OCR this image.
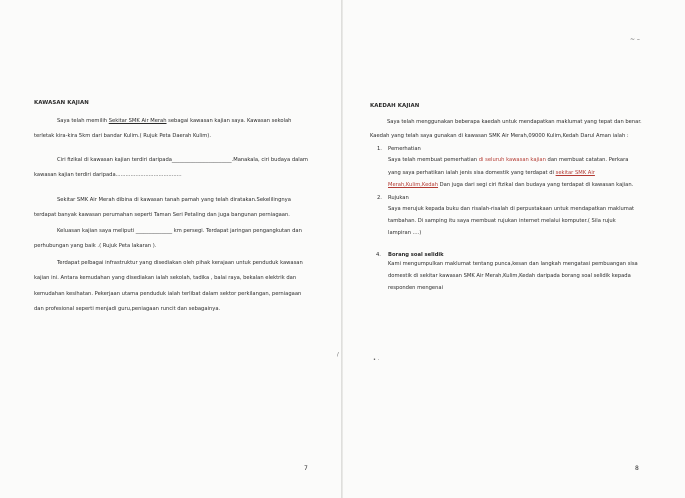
KAWASAN KAJIAN
Saya telah memilih Sekitar SMK Air Merah sebagai kawasan kajian saya. Kawasan sekolah
terletak kira-kira 5km dari bandar Kulim.( Rujuk Peta Daerah Kulim).
Ciri fizikal di kawasan kajian terdiri daripada_______________________.Manakala, ciri budaya dalam
kawasan kajian terdiri daripada........................................
Sekitar SMK Air Merah dibina di kawasan tanah pamah yang telah diratakan.Sekelilingnya
terdapat banyak kawasan perumahan seperti Taman Seri Petaling dan juga bangunan perniagaan.
Keluasan kajian saya meliputi ______________ km persegi. Terdapat jaringan pengangkutan dan
perhubungan yang baik .( Rujuk Peta lakaran ).
Terdapat pelbagai infrastruktur yang disediakan oleh pihak kerajaan untuk penduduk kawasan
kajian ini. Antara kemudahan yang disediakan ialah sekolah, tadika , balai raya, bekalan elektrik dan
kemudahan kesihatan. Pekerjaan utama penduduk ialah terlibat dalam sektor perkilangan, perniagaan
dan profesional seperti menjadi guru,peniagaan runcit dan sebagainya.
7
~ –
KAEDAH KAJIAN
Saya telah menggunakan beberapa kaedah untuk mendapatkan maklumat yang tepat dan benar.
Kaedah yang telah saya gunakan di kawasan SMK Air Merah,09000 Kulim,Kedah Darul Aman ialah :
1. Pemerhatian
Saya telah membuat pemerhatian di seluruh kawasan kajian dan membuat catatan. Perkara
yang saya perhatikan ialah jenis sisa domestik yang terdapat di sekitar SMK Air
Merah,Kulim,Kedah Dan juga dari segi ciri fizikal dan budaya yang terdapat di kawasan kajian.
2. Rujukan
Saya merujuk kepada buku dan risalah-risalah di perpustakaan untuk mendapatkan maklumat
tambahan. Di samping itu saya membuat rujukan internet melalui komputer.( Sila rujuk
lampiran ....)
4. Borang soal selidik
Kami mengumpulkan maklumat tentang punca,kesan dan langkah mengatasi pembuangan sisa
domestik di sekitar kawasan SMK Air Merah,Kulim,Kedah daripada borang soal selidik kepada
responden mengenai
/
• ·
8
